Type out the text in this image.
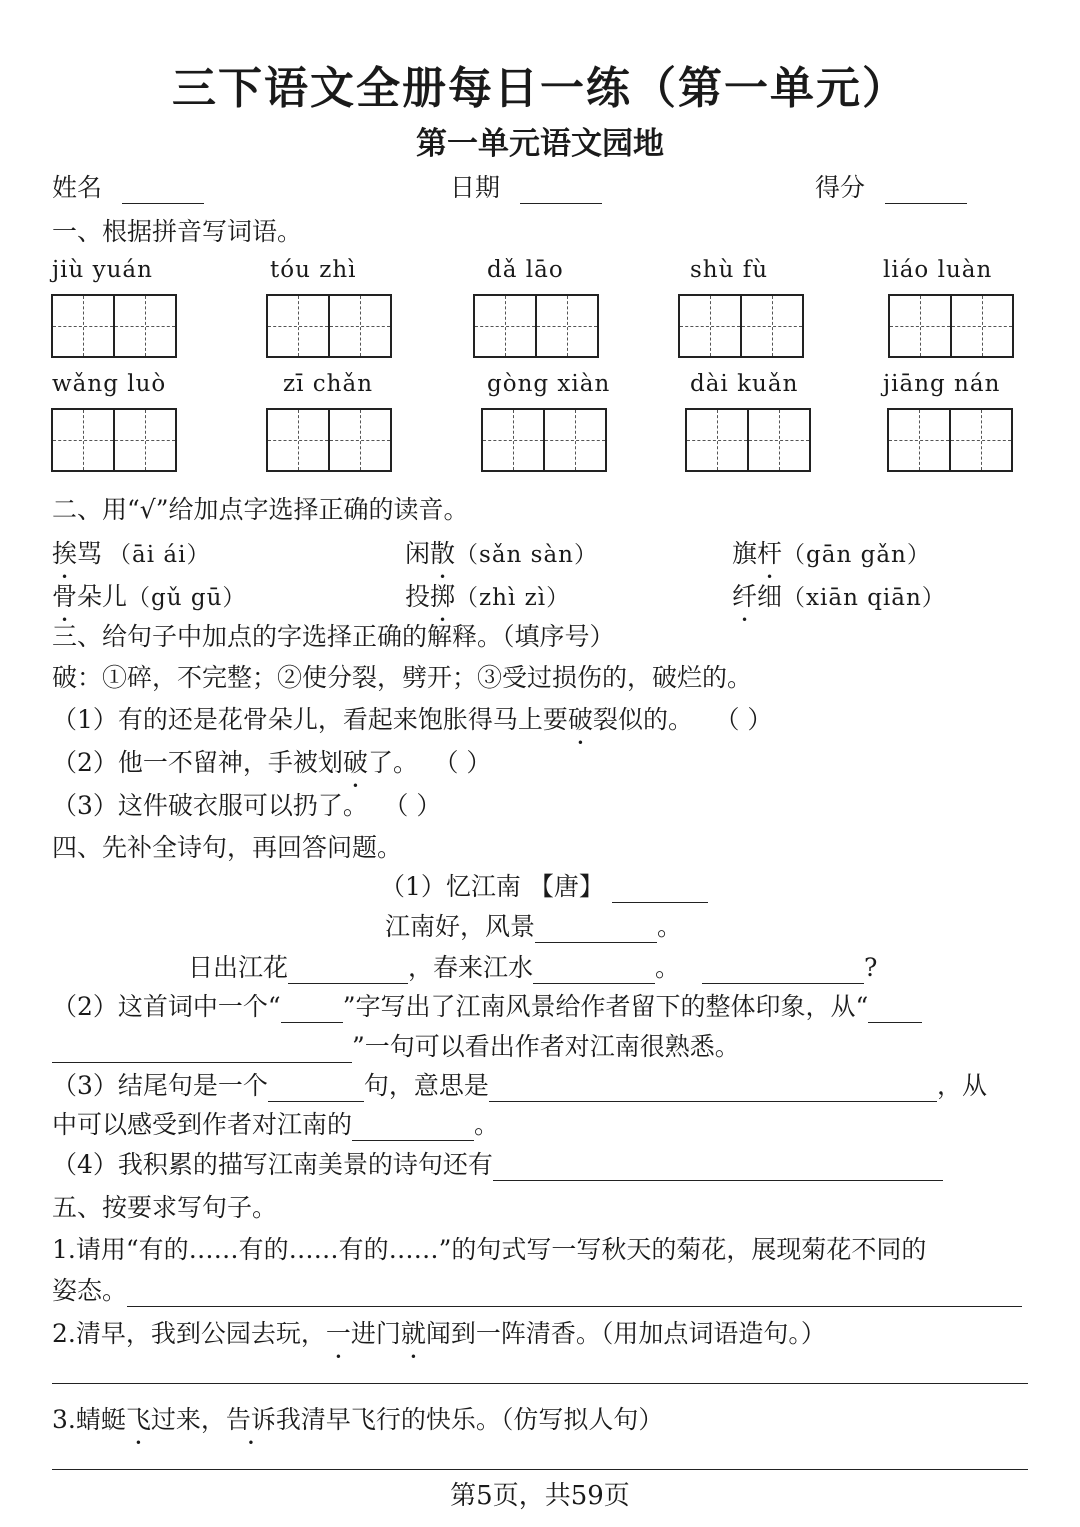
三下语文全册每日一练（第一单元）
第一单元语文园地
姓名	日期	得分
一、根据拼音写词语。
jiù yuán	tóu zhì	dǎ lāo	shù fù	liáo luàn
wǎng luò	zī chǎn	gòng xiàn	dài kuǎn	jiāng nán
二、用“√”给加点字选择正确的读音。
挨骂 （āi ái）	闲散（sǎn sàn）	旗杆（gān gǎn）
骨朵儿（gǔ gū）	投掷（zhì zì）	纤细（xiān qiān）
三、给句子中加点的字选择正确的解释。（填序号）
破：①碎，不完整；②使分裂，劈开；③受过损伤的，破烂的。
（1）有的还是花骨朵儿，看起来饱胀得马上要破裂似的。 （ ）
（2）他一不留神，手被划破了。 （ ）
（3）这件破衣服可以扔了。 （ ）
四、先补全诗句，再回答问题。
（1）忆江南 【唐】
江南好，风景	。
日出江花	，春来江水	。	?
（2）这首词中一个“ ”字写出了江南风景给作者留下的整体印象，从“
”一句可以看出作者对江南很熟悉。
（3）结尾句是一个	句，意思是	，从
中可以感受到作者对江南的	。
（4）我积累的描写江南美景的诗句还有
五、按要求写句子。
1.请用“有的……有的……有的……”的句式写一写秋天的菊花，展现菊花不同的
姿态。
2.清早，我到公园去玩，一进门就闻到一阵清香。（用加点词语造句。）
3.蜻蜓飞过来 •，告诉我清早飞行的快乐。（仿写拟人句）
第5页，共59页
